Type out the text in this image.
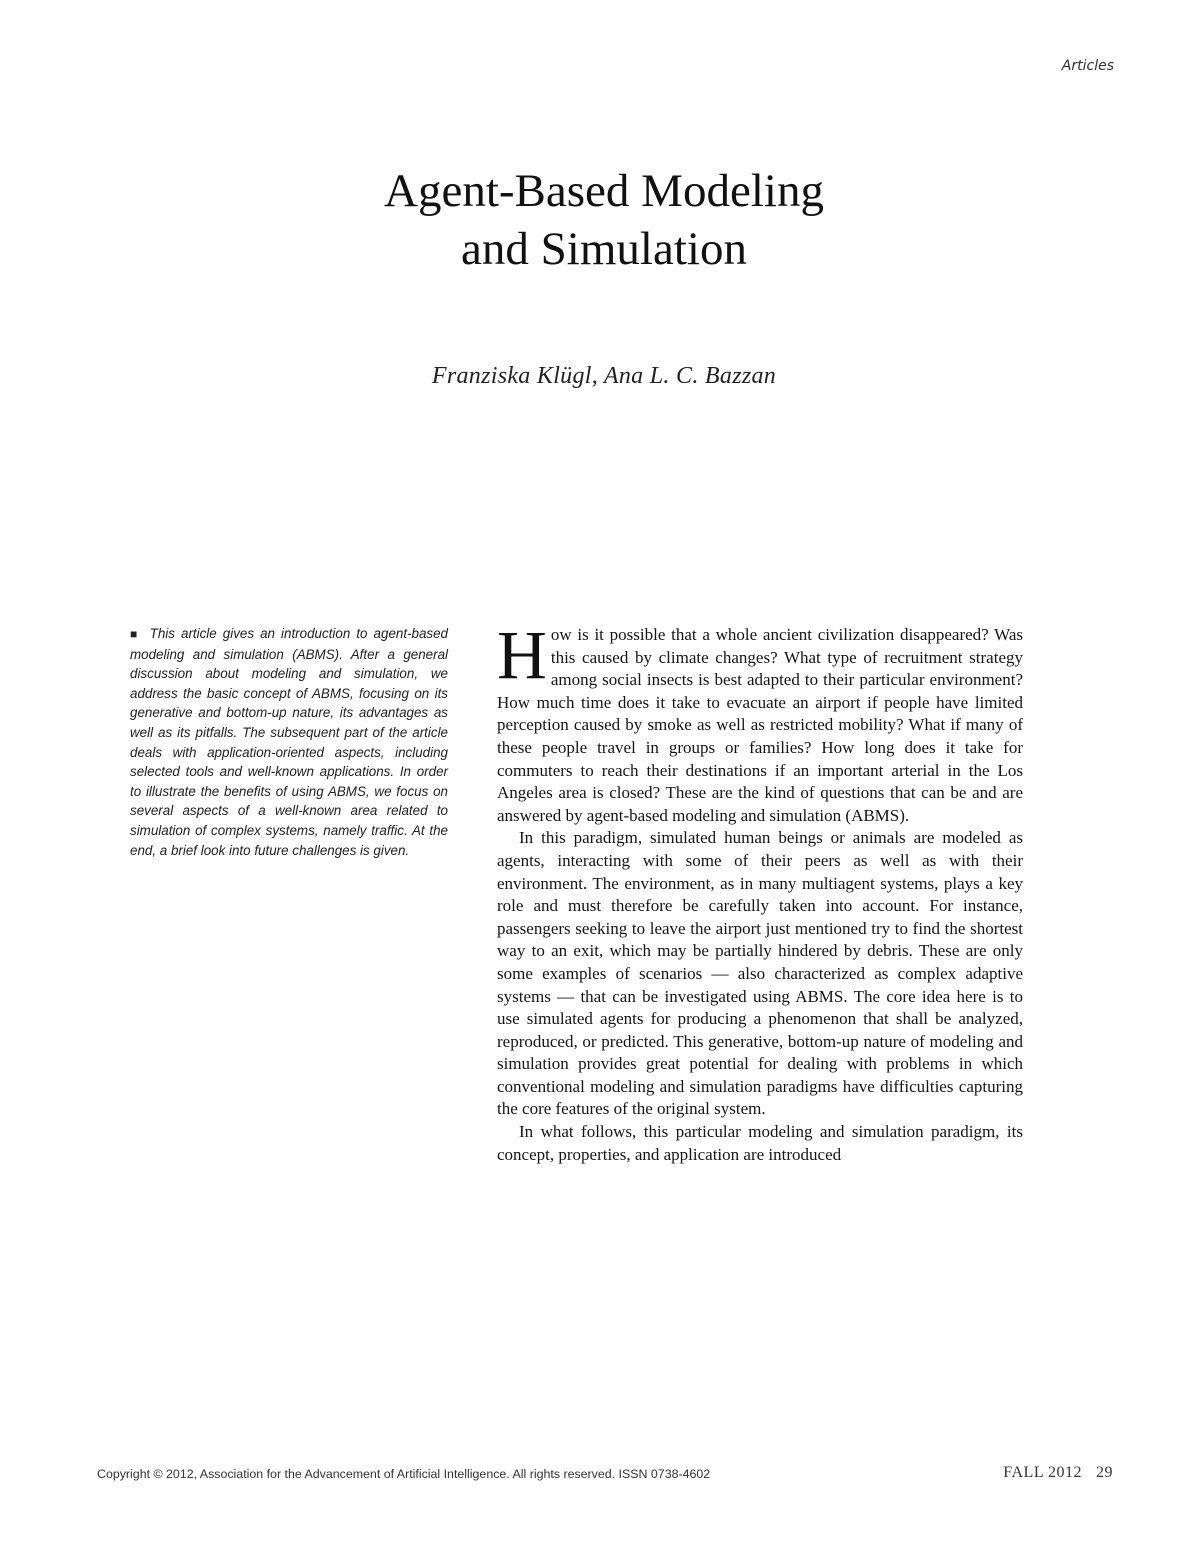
Articles
Agent-Based Modeling
and Simulation
Franziska Klügl, Ana L. C. Bazzan
■ This article gives an introduction to agent-based modeling and simulation (ABMS). After a general discussion about modeling and simulation, we address the basic concept of ABMS, focusing on its generative and bottom-up nature, its advantages as well as its pitfalls. The subsequent part of the article deals with application-oriented aspects, including selected tools and well-known applications. In order to illustrate the benefits of using ABMS, we focus on several aspects of a well-known area related to simulation of complex systems, namely traffic. At the end, a brief look into future challenges is given.

H ow is it possible that a whole ancient civilization disappeared? Was this caused by climate changes? What type of recruitment strategy among social insects is best adapted to their particular environment? How much time does it take to evacuate an airport if people have limited perception caused by smoke as well as restricted mobility? What if many of these people travel in groups or families? How long does it take for commuters to reach their destinations if an important arterial in the Los Angeles area is closed? These are the kind of questions that can be and are answered by agent-based modeling and simulation (ABMS).

In this paradigm, simulated human beings or animals are modeled as agents, interacting with some of their peers as well as with their environment. The environment, as in many multiagent systems, plays a key role and must therefore be carefully taken into account. For instance, passengers seeking to leave the airport just mentioned try to find the shortest way to an exit, which may be partially hindered by debris. These are only some examples of scenarios — also characterized as complex adaptive systems — that can be investigated using ABMS. The core idea here is to use simulated agents for producing a phenomenon that shall be analyzed, reproduced, or predicted. This generative, bottom-up nature of modeling and simulation provides great potential for dealing with problems in which conventional modeling and simulation paradigms have difficulties capturing the core features of the original system.

In what follows, this particular modeling and simulation paradigm, its concept, properties, and application are introduced

Copyright © 2012, Association for the Advancement of Artificial Intelligence. All rights reserved. ISSN 0738-4602	FALL 2012 29
